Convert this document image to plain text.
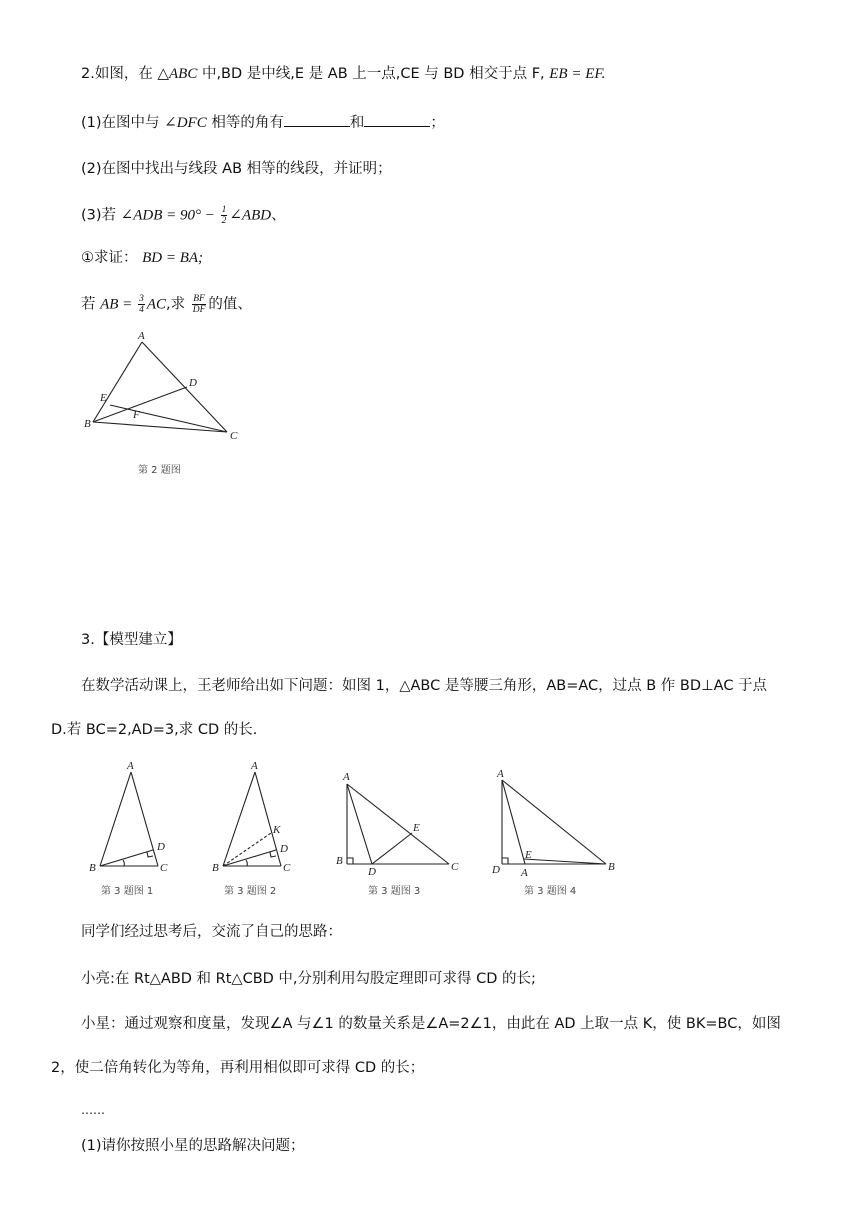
2.如图，在 △ABC 中,BD 是中线,E 是 AB 上一点,CE 与 BD 相交于点 F, EB = EF.
(1)在图中与 ∠DFC 相等的角有	和	；
(2)在图中找出与线段 AB 相等的线段，并证明；
(3)若 ∠ADB = $90^\circ - \frac{1}{2}$ ∠ABD、
①求证： BD = BA;
若 AB = $\frac{3}{4}$ AC,求 $\frac{BF}{DF}$ 的值、
A
B
C
D
E
F
第 2 题图
3.【模型建立】
在数学活动课上，王老师给出如下问题：如图 1，△ABC 是等腰三角形，AB=AC，过点 B 作 BD⊥AC 于点
D.若 BC=2,AD=3,求 CD 的长.
A
B	C
D
第 3 题图 1
A
B	C
D
K
第 3 题图 2
A
B	C
D
E
第 3 题图 3
A
D A	B
E
第 3 题图 4
同学们经过思考后，交流了自己的思路：
小亮:在 Rt△ABD 和 Rt△CBD 中,分别利用勾股定理即可求得 CD 的长;
小星：通过观察和度量，发现∠A 与∠1 的数量关系是∠A=2∠1，由此在 AD 上取一点 K，使 BK=BC，如图
2，使二倍角转化为等角，再利用相似即可求得 CD 的长；
……
(1)请你按照小星的思路解决问题；
